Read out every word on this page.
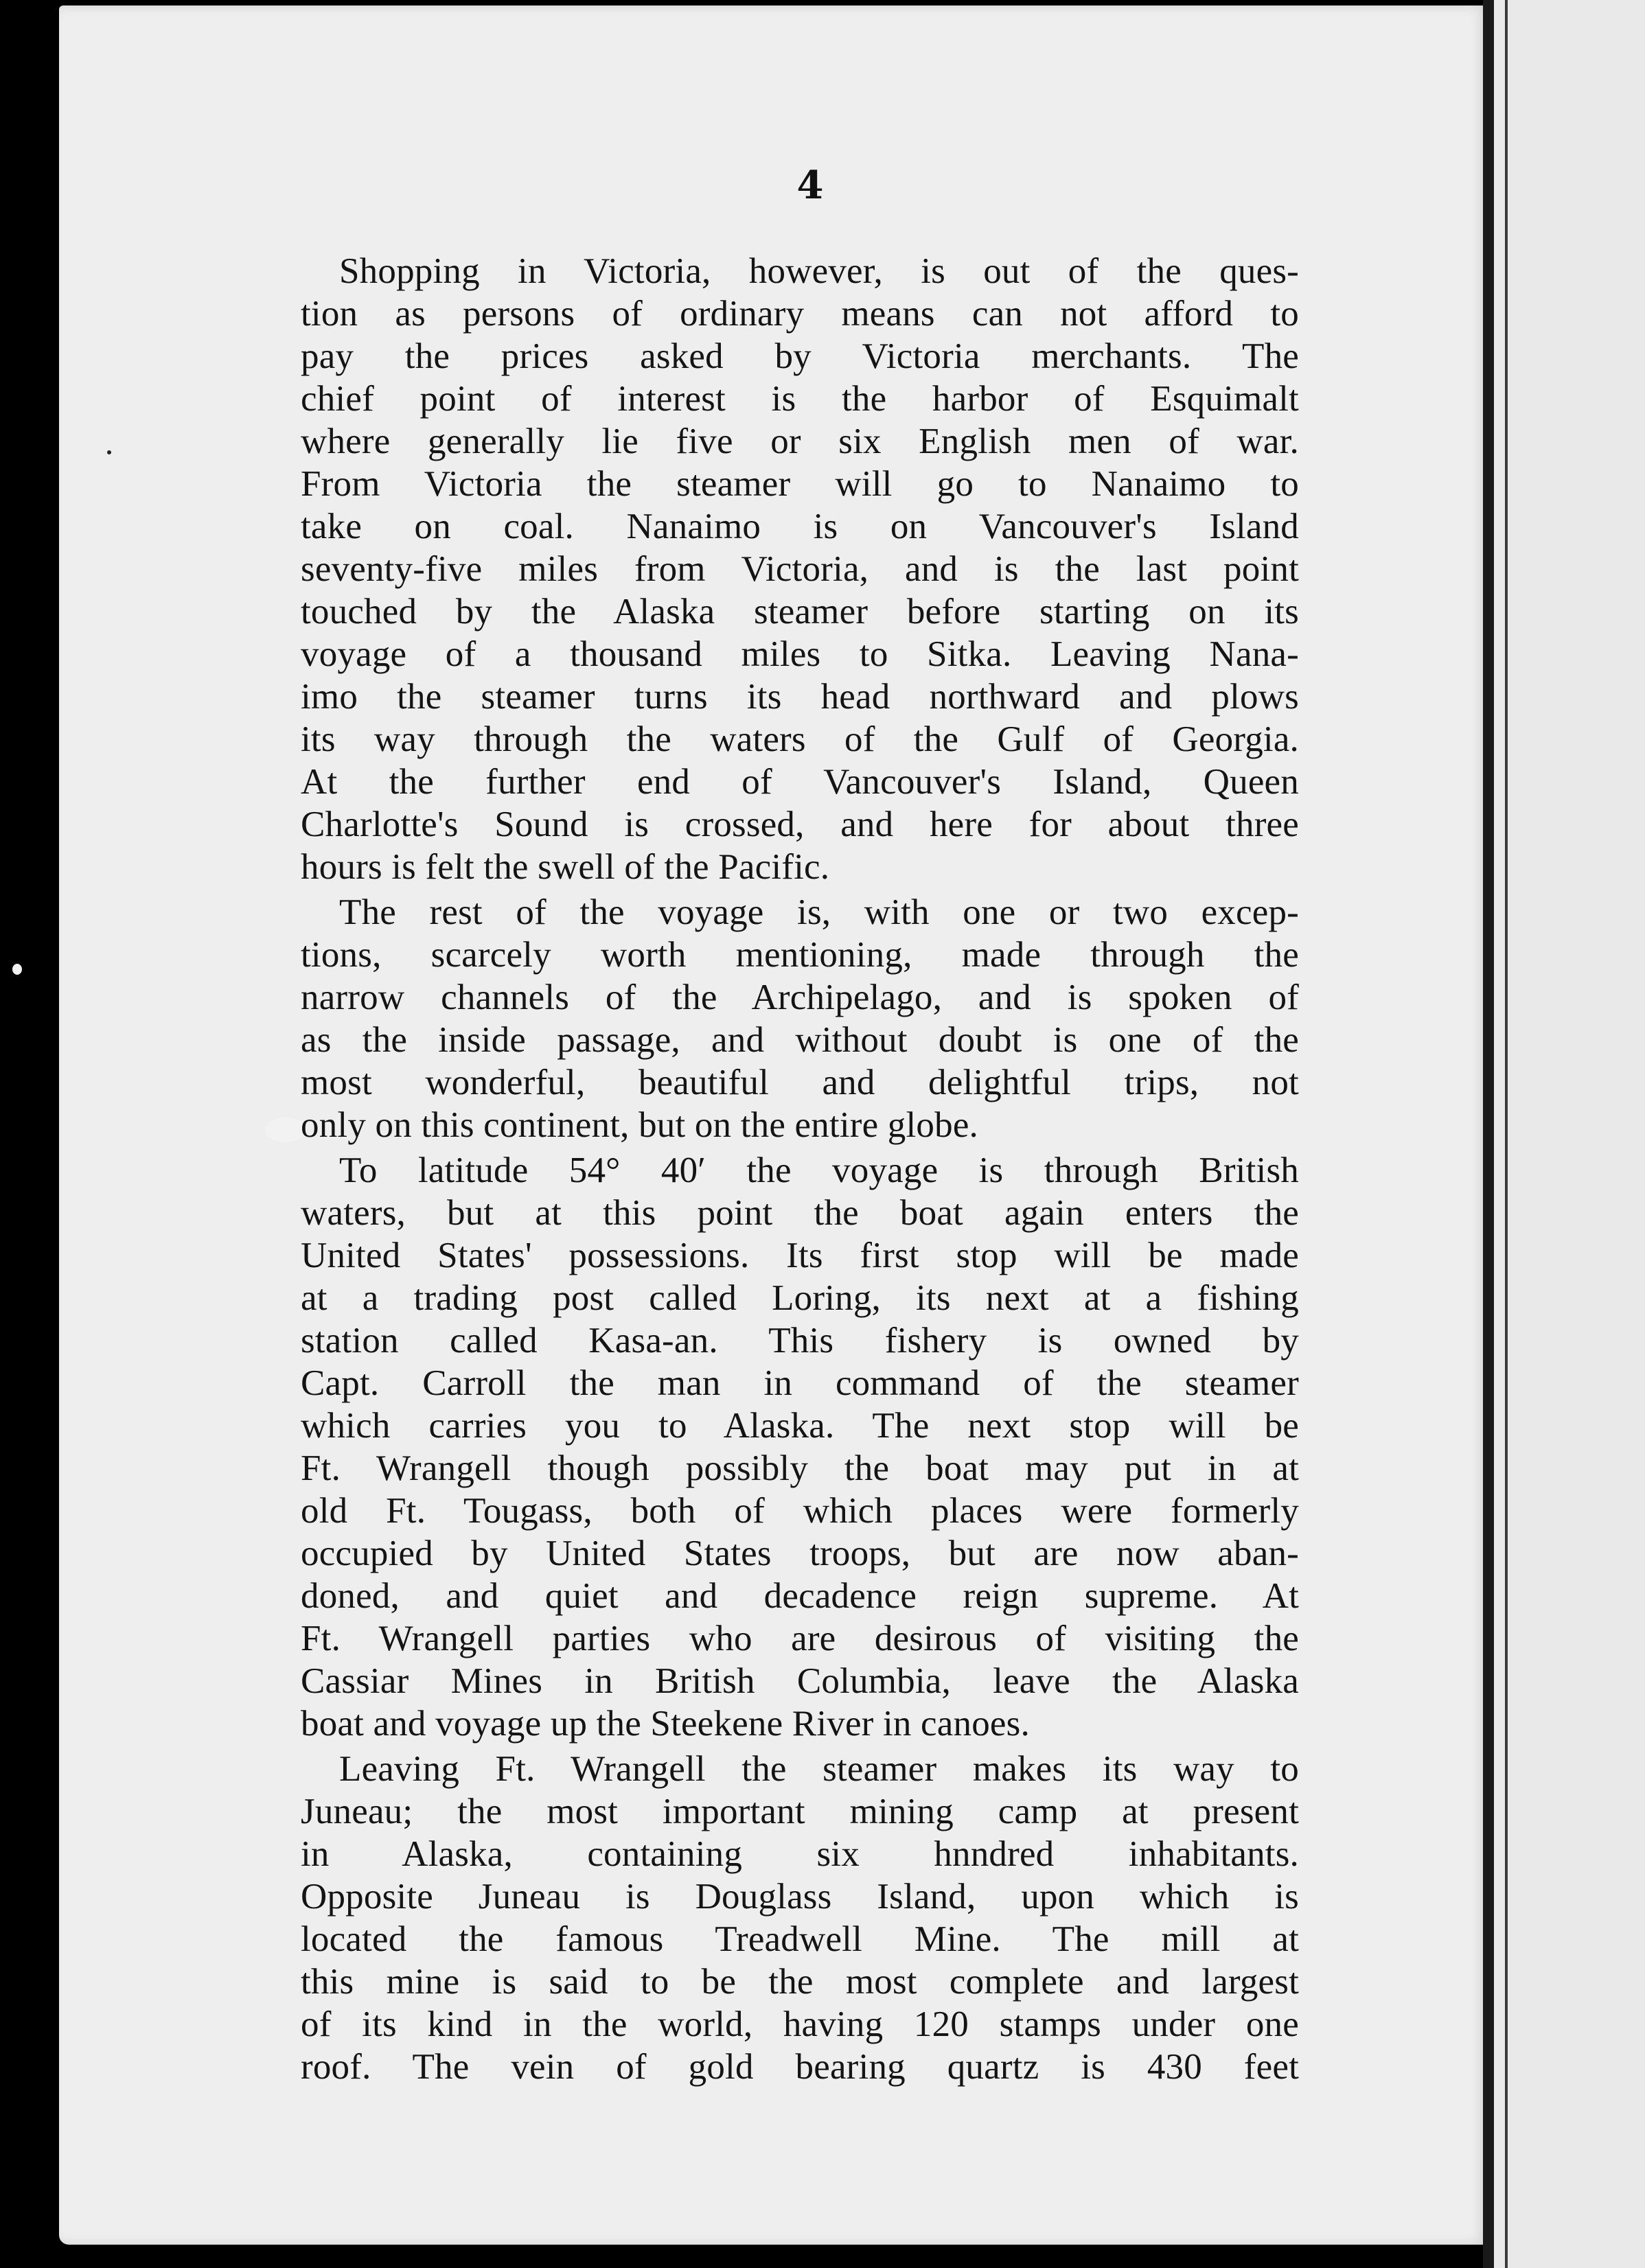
4
Shopping in Victoria, however, is out of the ques-
tion as persons of ordinary means can not afford to
pay the prices asked by Victoria merchants. The
chief point of interest is the harbor of Esquimalt
where generally lie five or six English men of war.
From Victoria the steamer will go to Nanaimo to
take on coal. Nanaimo is on Vancouver's Island
seventy-five miles from Victoria, and is the last point
touched by the Alaska steamer before starting on its
voyage of a thousand miles to Sitka. Leaving Nana-
imo the steamer turns its head northward and plows
its way through the waters of the Gulf of Georgia.
At the further end of Vancouver's Island, Queen
Charlotte's Sound is crossed, and here for about three
hours is felt the swell of the Pacific.
The rest of the voyage is, with one or two excep-
tions, scarcely worth mentioning, made through the
narrow channels of the Archipelago, and is spoken of
as the inside passage, and without doubt is one of the
most wonderful, beautiful and delightful trips, not
only on this continent, but on the entire globe.
To latitude 54° 40′ the voyage is through British
waters, but at this point the boat again enters the
United States' possessions. Its first stop will be made
at a trading post called Loring, its next at a fishing
station called Kasa-an. This fishery is owned by
Capt. Carroll the man in command of the steamer
which carries you to Alaska. The next stop will be
Ft. Wrangell though possibly the boat may put in at
old Ft. Tougass, both of which places were formerly
occupied by United States troops, but are now aban-
doned, and quiet and decadence reign supreme. At
Ft. Wrangell parties who are desirous of visiting the
Cassiar Mines in British Columbia, leave the Alaska
boat and voyage up the Steekene River in canoes.
Leaving Ft. Wrangell the steamer makes its way to
Juneau; the most important mining camp at present
in Alaska, containing six hnndred inhabitants.
Opposite Juneau is Douglass Island, upon which is
located the famous Treadwell Mine. The mill at
this mine is said to be the most complete and largest
of its kind in the world, having 120 stamps under one
roof. The vein of gold bearing quartz is 430 feet
